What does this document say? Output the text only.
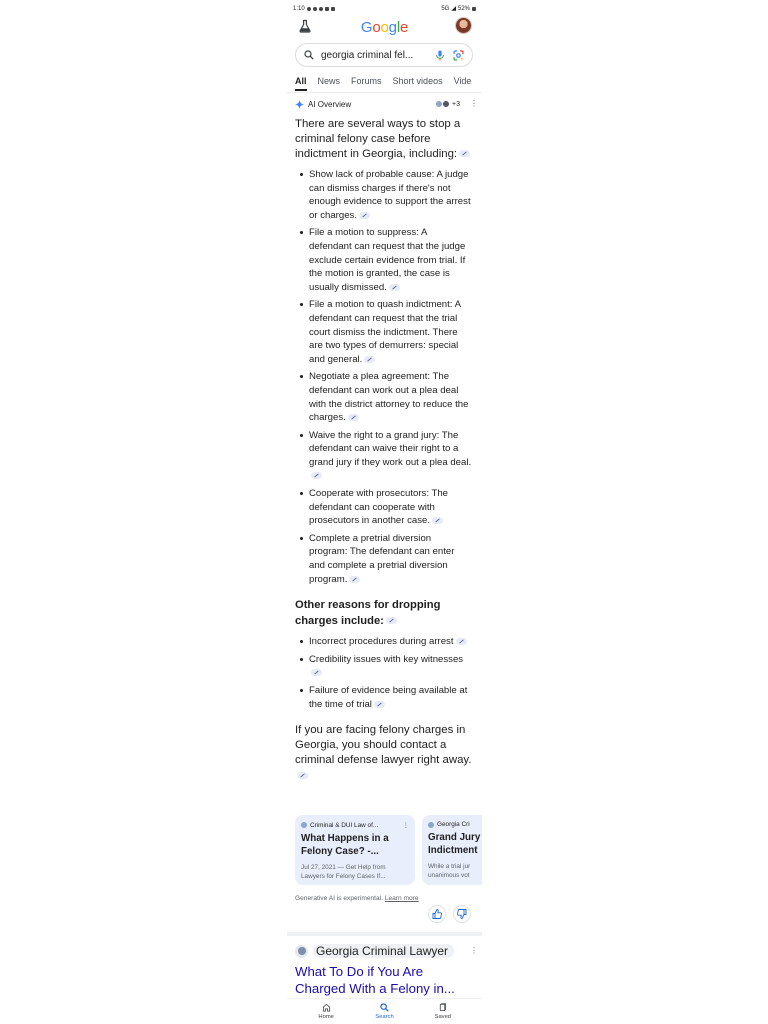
1:10	5G ◢ 52%
Google
georgia criminal fel...
All News Forums Short videos Vide
AI Overview	+3 ⋮

There are several ways to stop a criminal felony case before indictment in Georgia, including:

Show lack of probable cause: A judge can dismiss charges if there's not enough evidence to support the arrest or charges.
File a motion to suppress: A defendant can request that the judge exclude certain evidence from trial. If the motion is granted, the case is usually dismissed.
File a motion to quash indictment: A defendant can request that the trial court dismiss the indictment. There are two types of demurrers: special and general.
Negotiate a plea agreement: The defendant can work out a plea deal with the district attorney to reduce the charges.
Waive the right to a grand jury: The defendant can waive their right to a grand jury if they work out a plea deal.
Cooperate with prosecutors: The defendant can cooperate with prosecutors in another case.
Complete a pretrial diversion program: The defendant can enter and complete a pretrial diversion program.

Other reasons for dropping charges include:

Incorrect procedures during arrest
Credibility issues with key witnesses
Failure of evidence being available at the time of trial

If you are facing felony charges in Georgia, you should contact a criminal defense lawyer right away.

Criminal & DUI Law of...	⋮
What Happens in a
Felony Case? -...
Jul 27, 2021 — Get Help from
Lawyers for Felony Cases If...
Georgia Cri
Grand Jury
Indictment
While a trial jur
unanimous vot
Generative AI is experimental. Learn more
Georgia Criminal Lawyer	⋮
What To Do if You Are Charged With a Felony in...
Home	Search	Saved
